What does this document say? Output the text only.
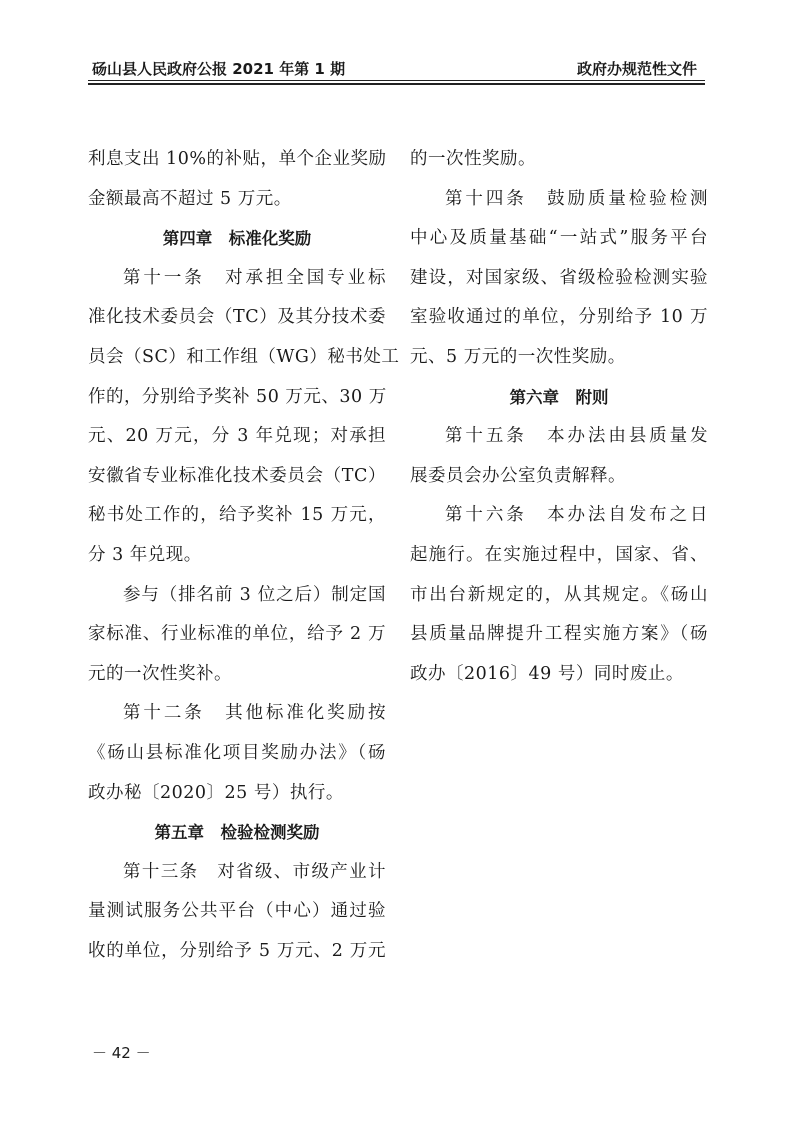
砀山县人民政府公报 2021 年第 1 期	政府办规范性文件
利息支出 10%的补贴，单个企业奖励
金额最高不超过 5 万元。
第四章　标准化奖励
第十一条　对承担全国专业标
准化技术委员会（TC）及其分技术委
员会（SC）和工作组（WG）秘书处工
作的，分别给予奖补 50 万元、30 万
元、20 万元，分 3 年兑现；对承担
安徽省专业标准化技术委员会（TC）
秘书处工作的，给予奖补 15 万元，
分 3 年兑现。
参与（排名前 3 位之后）制定国
家标准、行业标准的单位，给予 2 万
元的一次性奖补。
第十二条　其他标准化奖励按
《砀山县标准化项目奖励办法》（砀
政办秘〔2020〕25 号）执行。
第五章　检验检测奖励
第十三条　对省级、市级产业计
量测试服务公共平台（中心）通过验
收的单位，分别给予 5 万元、2 万元
的一次性奖励。
第十四条　鼓励质量检验检测
中心及质量基础“一站式”服务平台
建设，对国家级、省级检验检测实验
室验收通过的单位，分别给予 10 万
元、5 万元的一次性奖励。
第六章　附则
第十五条　本办法由县质量发
展委员会办公室负责解释。
第十六条　本办法自发布之日
起施行。在实施过程中，国家、省、
市出台新规定的，从其规定。《砀山
县质量品牌提升工程实施方案》（砀
政办〔2016〕49 号）同时废止。
－ 42 －
